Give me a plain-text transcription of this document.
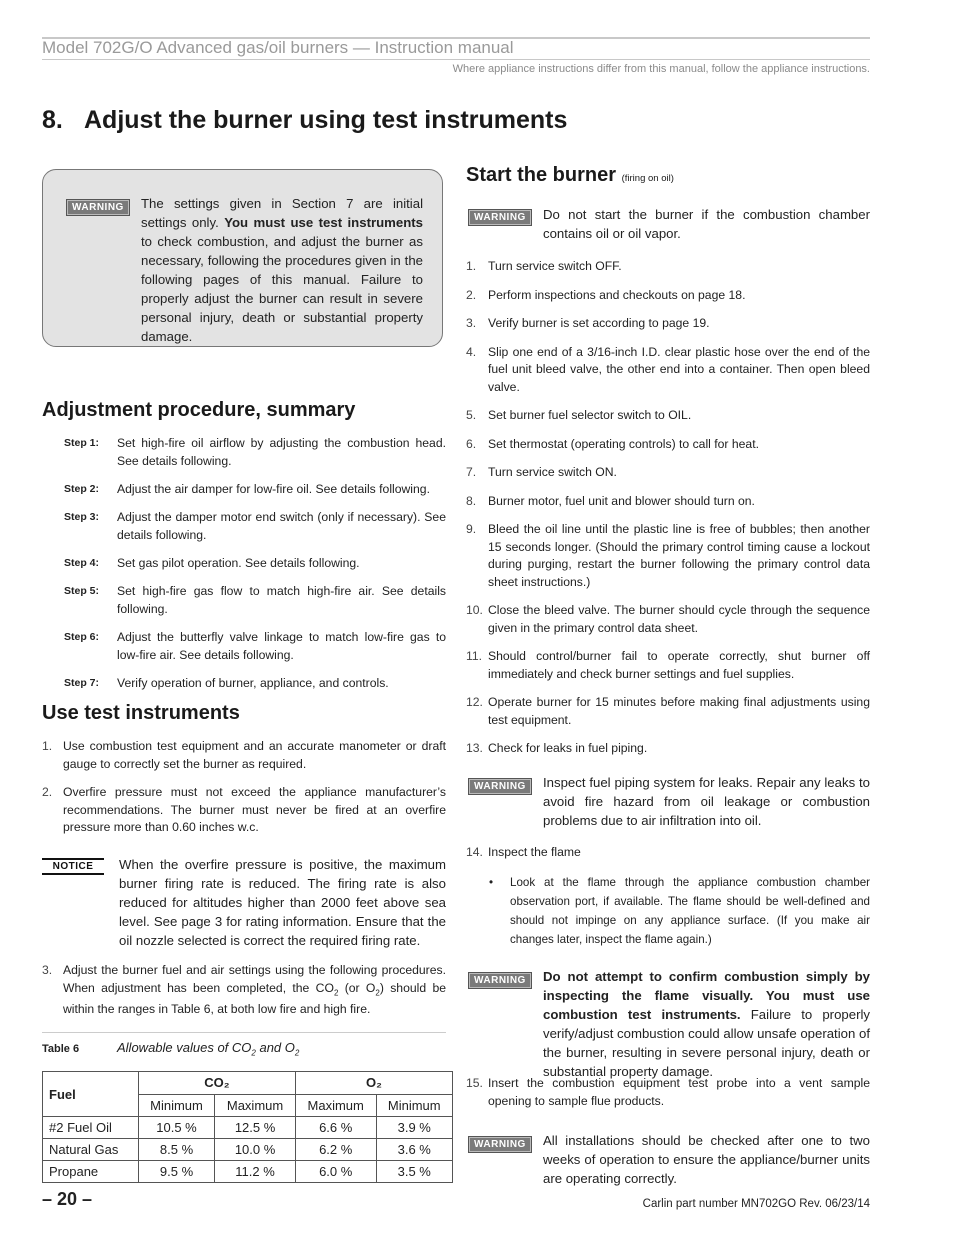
Model 702G/O Advanced gas/oil burners — Instruction manual
Where appliance instructions differ from this manual, follow the appliance instructions.
8. Adjust the burner using test instruments
WARNING	The settings given in Section 7 are initial settings only. You must use test instruments to check combustion, and adjust the burner as necessary, following the procedures given in the following pages of this manual. Failure to properly adjust the burner can result in severe personal injury, death or substantial property damage.

Adjustment procedure, summary
Step 1:	Set high-fire oil airflow by adjusting the combustion head. See details following.
Step 2:	Adjust the air damper for low-fire oil. See details following.
Step 3:	Adjust the damper motor end switch (only if necessary). See details following.
Step 4:	Set gas pilot operation. See details following.
Step 5:	Set high-fire gas flow to match high-fire air. See details following.
Step 6:	Adjust the butterfly valve linkage to match low-fire gas to low-fire air. See details following.
Step 7:	Verify operation of burner, appliance, and controls.
Use test instruments
1. Use combustion test equipment and an accurate manometer or draft gauge to correctly set the burner as required.
2. Overfire pressure must not exceed the appliance manufacturer’s recommendations. The burner must never be fired at an overfire pressure more than 0.60 inches w.c.
NOTICE	When the overfire pressure is positive, the maximum burner firing rate is reduced. The firing rate is also reduced for altitudes higher than 2000 feet above sea level. See page 3 for rating information. Ensure that the oil nozzle selected is correct the required firing rate.

3. Adjust the burner fuel and air settings using the following procedures. When adjustment has been completed, the $CO_2$ (or $O_2$) should be within the ranges in Table 6, at both low fire and high fire.
Table 6	Allowable values of $CO_2$ and $O_2$
Fuel	CO₂		O₂	
	Minimum	Maximum	Maximum	Minimum
#2 Fuel Oil	10.5 %	12.5 %	6.6 %	3.9 %
Natural Gas	8.5 %	10.0 %	6.2 %	3.6 %
Propane	9.5 %	11.2 %	6.0 %	3.5 %
– 20 –	Carlin part number MN702GO Rev. 06/23/14
Start the burner (firing on oil)
WARNING	Do not start the burner if the combustion chamber contains oil or oil vapor.

1. Turn service switch OFF.
2. Perform inspections and checkouts on page 18.
3. Verify burner is set according to page 19.
4. Slip one end of a 3/16-inch I.D. clear plastic hose over the end of the fuel unit bleed valve, the other end into a container. Then open bleed valve.
5. Set burner fuel selector switch to OIL.
6. Set thermostat (operating controls) to call for heat.
7. Turn service switch ON.
8. Burner motor, fuel unit and blower should turn on.
9. Bleed the oil line until the plastic line is free of bubbles; then another 15 seconds longer. (Should the primary control timing cause a lockout during purging, restart the burner following the primary control data sheet instructions.)
10. Close the bleed valve. The burner should cycle through the sequence given in the primary control data sheet.
11. Should control/burner fail to operate correctly, shut burner off immediately and check burner settings and fuel supplies.
12. Operate burner for 15 minutes before making final adjustments using test equipment.
13. Check for leaks in fuel piping.
WARNING	Inspect fuel piping system for leaks. Repair any leaks to avoid fire hazard from oil leakage or combustion problems due to air infiltration into oil.

14. Inspect the flame
•	Look at the flame through the appliance combustion chamber observation port, if available. The flame should be well-defined and should not impinge on any appliance surface. (If you make air changes later, inspect the flame again.)
WARNING	Do not attempt to confirm combustion simply by inspecting the flame visually. You must use combustion test instruments. Failure to properly verify/adjust combustion could allow unsafe operation of the burner, resulting in severe personal injury, death or substantial property damage.

15. Insert the combustion equipment test probe into a vent sample opening to sample flue products.
WARNING	All installations should be checked after one to two weeks of operation to ensure the appliance/burner units are operating correctly.
